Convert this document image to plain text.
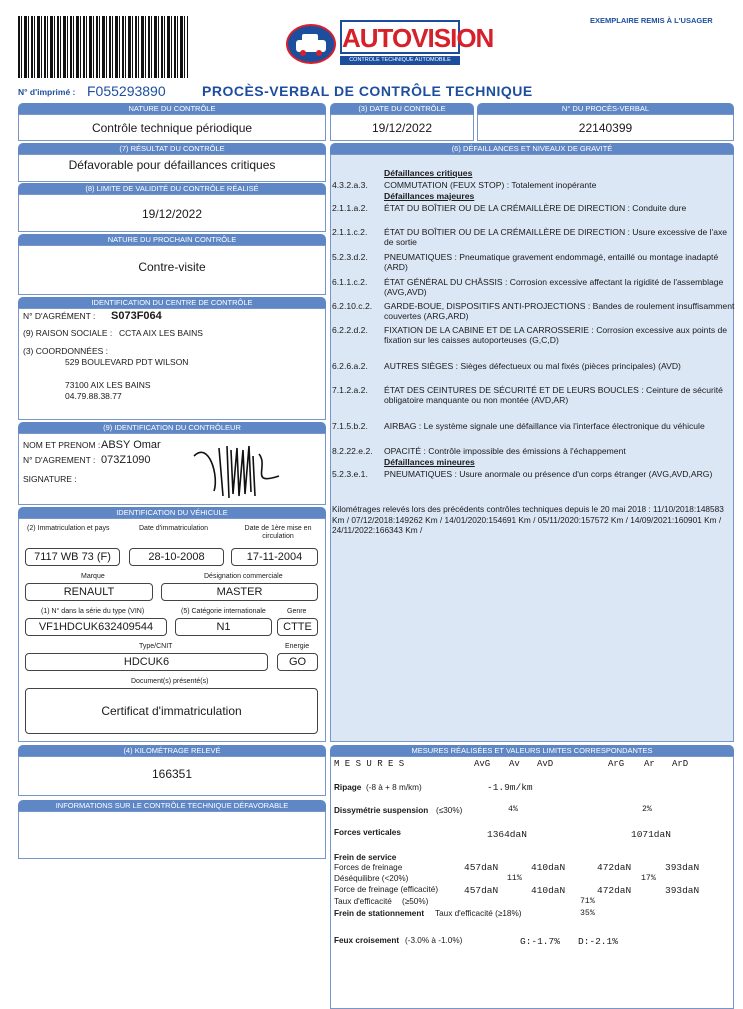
AUTOVISION
CONTROLE TECHNIQUE AUTOMOBILE
EXEMPLAIRE REMIS À L'USAGER
N° d'imprimé : F055293890	PROCÈS-VERBAL DE CONTRÔLE TECHNIQUE
NATURE DU CONTRÔLE
Contrôle technique périodique
(3) DATE DU CONTRÔLE
19/12/2022
N° DU PROCÈS-VERBAL
22140399
(7) RÉSULTAT DU CONTRÔLE
Défavorable pour défaillances critiques
(8) LIMITE DE VALIDITÉ DU CONTRÔLE RÉALISÉ
19/12/2022
NATURE DU PROCHAIN CONTRÔLE
Contre-visite
IDENTIFICATION DU CENTRE DE CONTRÔLE
N° D'AGRÉMENT : S073F064
(9) RAISON SOCIALE : CCTA AIX LES BAINS
(3) COORDONNÉES :
529 BOULEVARD PDT WILSON
73100 AIX LES BAINS
04.79.88.38.77
(9) IDENTIFICATION DU CONTRÔLEUR
NOM ET PRENOM : ABSY Omar
N° D'AGREMENT : 073Z1090
SIGNATURE :
IDENTIFICATION DU VÉHICULE
(2) Immatriculation et pays	Date d'immatriculation	Date de 1ère mise en circulation
7117 WB 73 (F)	28-10-2008	17-11-2004
Marque	Désignation commerciale
RENAULT	MASTER
(1) N° dans la série du type (VIN)	(5) Catégorie internationale	Genre
VF1HDCUK632409544	N1	CTTE
Type/CNIT	Energie
HDCUK6	GO
Document(s) présenté(s)
Certificat d'immatriculation
(4) KILOMÉTRAGE RELEVÉ
166351
INFORMATIONS SUR LE CONTRÔLE TECHNIQUE DÉFAVORABLE
(6) DÉFAILLANCES ET NIVEAUX DE GRAVITÉ
Défaillances critiques
4.3.2.a.3. COMMUTATION (FEUX STOP) : Totalement inopérante
Défaillances majeures
2.1.1.a.2. ÉTAT DU BOÎTIER OU DE LA CRÉMAILLÈRE DE DIRECTION : Conduite dure
2.1.1.c.2. ÉTAT DU BOÎTIER OU DE LA CRÉMAILLÈRE DE DIRECTION : Usure excessive de l'axe de sortie
5.2.3.d.2. PNEUMATIQUES : Pneumatique gravement endommagé, entaillé ou montage inadapté (ARD)
6.1.1.c.2. ÉTAT GÉNÉRAL DU CHÂSSIS : Corrosion excessive affectant la rigidité de l'assemblage (AVG,AVD)
6.2.10.c.2. GARDE-BOUE, DISPOSITIFS ANTI-PROJECTIONS : Bandes de roulement insuffisamment couvertes (ARG,ARD)
6.2.2.d.2. FIXATION DE LA CABINE ET DE LA CARROSSERIE : Corrosion excessive aux points de fixation sur les caisses autoporteuses (G,C,D)
6.2.6.a.2. AUTRES SIÈGES : Sièges défectueux ou mal fixés (pièces principales) (AVD)
7.1.2.a.2. ÉTAT DES CEINTURES DE SÉCURITÉ ET DE LEURS BOUCLES : Ceinture de sécurité obligatoire manquante ou non montée (AVD,AR)
7.1.5.b.2. AIRBAG : Le système signale une défaillance via l'interface électronique du véhicule
8.2.22.e.2. OPACITÉ : Contrôle impossible des émissions à l'échappement
Défaillances mineures
5.2.3.e.1. PNEUMATIQUES : Usure anormale ou présence d'un corps étranger (AVG,AVD,ARG)
Kilométrages relevés lors des précédents contrôles techniques depuis le 20 mai 2018 : 11/10/2018:148583 Km / 07/12/2018:149262 Km / 14/01/2020:154691 Km / 05/11/2020:157572 Km / 14/09/2021:160901 Km / 24/11/2022:166343 Km /
MESURES RÉALISÉES ET VALEURS LIMITES CORRESPONDANTES
M E S U R E S	AvG Av AvD	ArG Ar ArD
Ripage (-8 à + 8 m/km)	-1.9m/km
Dissymétrie suspension (≤30%)	4%	2%
Forces verticales	1364daN	1071daN
Frein de service
Forces de freinage	457daN	410daN	472daN	393daN
Déséquilibre (<20%)	11%	17%
Force de freinage (efficacité)	457daN	410daN	472daN	393daN
Taux d'efficacité (≥50%)	71%
Frein de stationnement Taux d'efficacité (≥18%)	35%
Feux croisement (-3.0% à -1.0%)	G:-1.7% D:-2.1%
